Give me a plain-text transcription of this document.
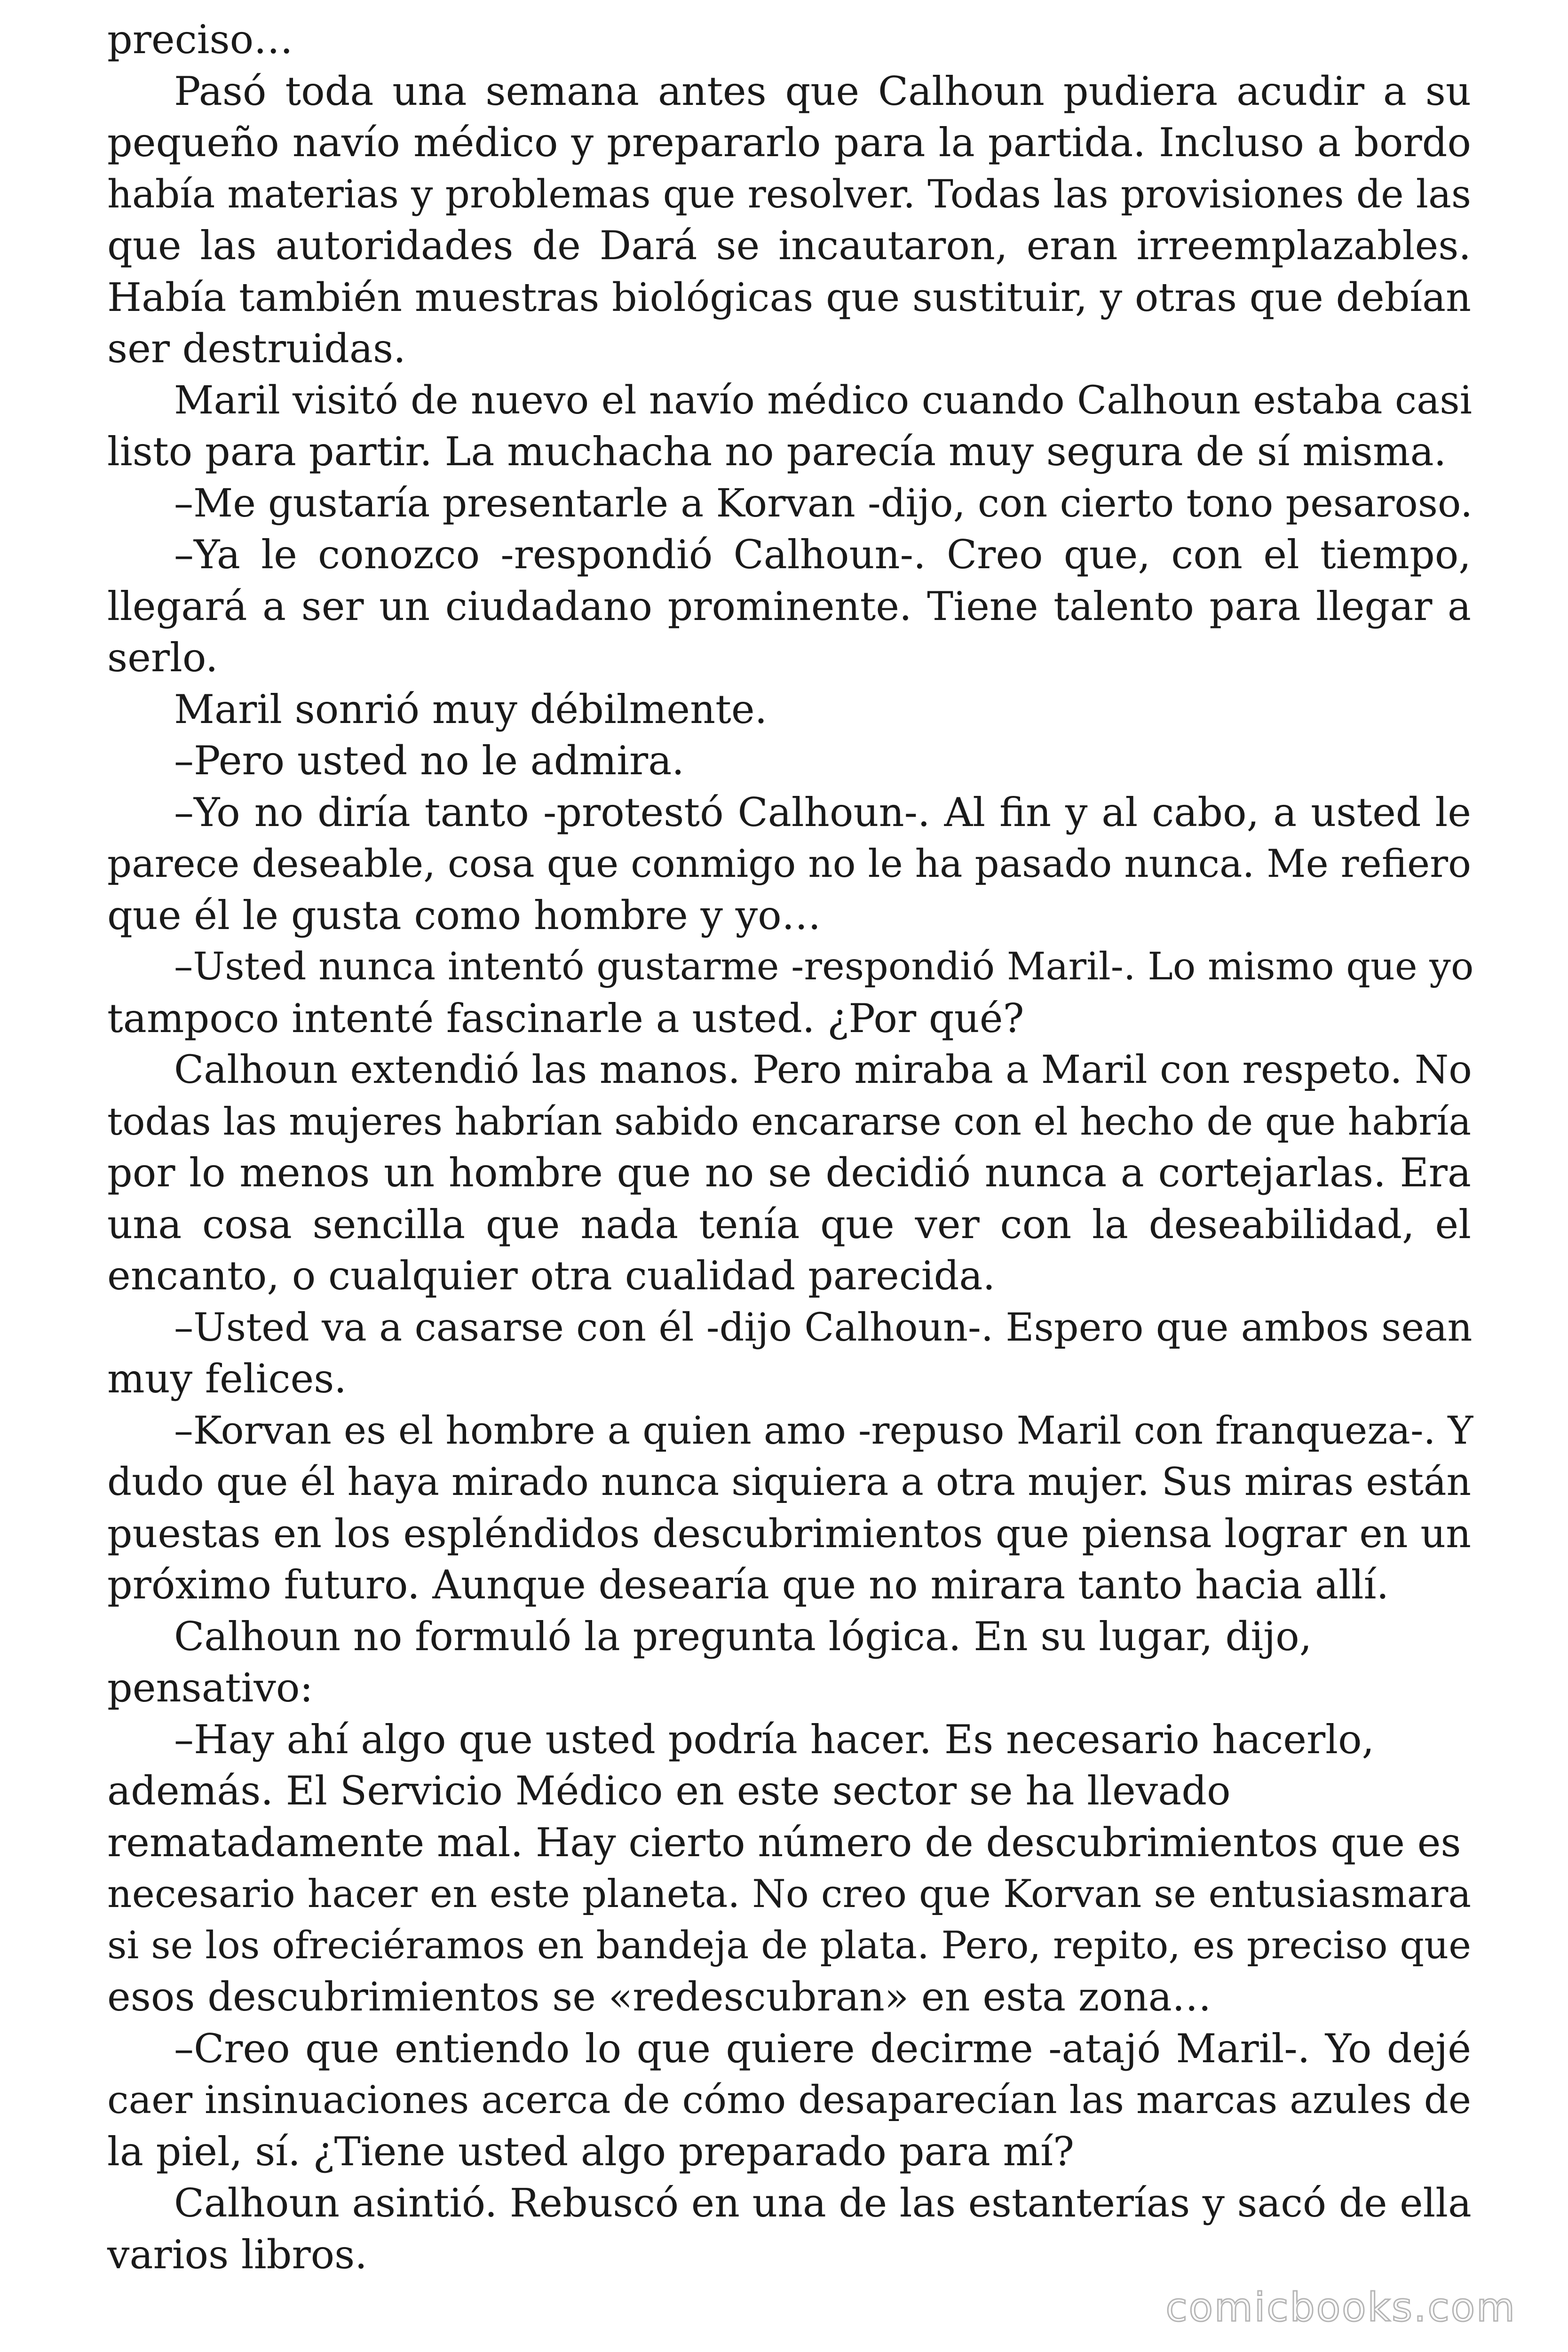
preciso…
Pasó toda una semana antes que Calhoun pudiera acudir a su
pequeño navío médico y prepararlo para la partida. Incluso a bordo
había materias y problemas que resolver. Todas las provisiones de las
que las autoridades de Dará se incautaron, eran irreemplazables.
Había también muestras biológicas que sustituir, y otras que debían
ser destruidas.
Maril visitó de nuevo el navío médico cuando Calhoun estaba casi
listo para partir. La muchacha no parecía muy segura de sí misma.
–Me gustaría presentarle a Korvan -dijo, con cierto tono pesaroso.
–Ya le conozco -respondió Calhoun-. Creo que, con el tiempo,
llegará a ser un ciudadano prominente. Tiene talento para llegar a
serlo.
Maril sonrió muy débilmente.
–Pero usted no le admira.
–Yo no diría tanto -protestó Calhoun-. Al fin y al cabo, a usted le
parece deseable, cosa que conmigo no le ha pasado nunca. Me refiero
que él le gusta como hombre y yo…
–Usted nunca intentó gustarme -respondió Maril-. Lo mismo que yo
tampoco intenté fascinarle a usted. ¿Por qué?
Calhoun extendió las manos. Pero miraba a Maril con respeto. No
todas las mujeres habrían sabido encararse con el hecho de que habría
por lo menos un hombre que no se decidió nunca a cortejarlas. Era
una cosa sencilla que nada tenía que ver con la deseabilidad, el
encanto, o cualquier otra cualidad parecida.
–Usted va a casarse con él -dijo Calhoun-. Espero que ambos sean
muy felices.
–Korvan es el hombre a quien amo -repuso Maril con franqueza-. Y
dudo que él haya mirado nunca siquiera a otra mujer. Sus miras están
puestas en los espléndidos descubrimientos que piensa lograr en un
próximo futuro. Aunque desearía que no mirara tanto hacia allí.
Calhoun no formuló la pregunta lógica. En su lugar, dijo,
pensativo:
–Hay ahí algo que usted podría hacer. Es necesario hacerlo,
además. El Servicio Médico en este sector se ha llevado
rematadamente mal. Hay cierto número de descubrimientos que es
necesario hacer en este planeta. No creo que Korvan se entusiasmara
si se los ofreciéramos en bandeja de plata. Pero, repito, es preciso que
esos descubrimientos se «redescubran» en esta zona…
–Creo que entiendo lo que quiere decirme -atajó Maril-. Yo dejé
caer insinuaciones acerca de cómo desaparecían las marcas azules de
la piel, sí. ¿Tiene usted algo preparado para mí?
Calhoun asintió. Rebuscó en una de las estanterías y sacó de ella
varios libros.
comicbooks.com
